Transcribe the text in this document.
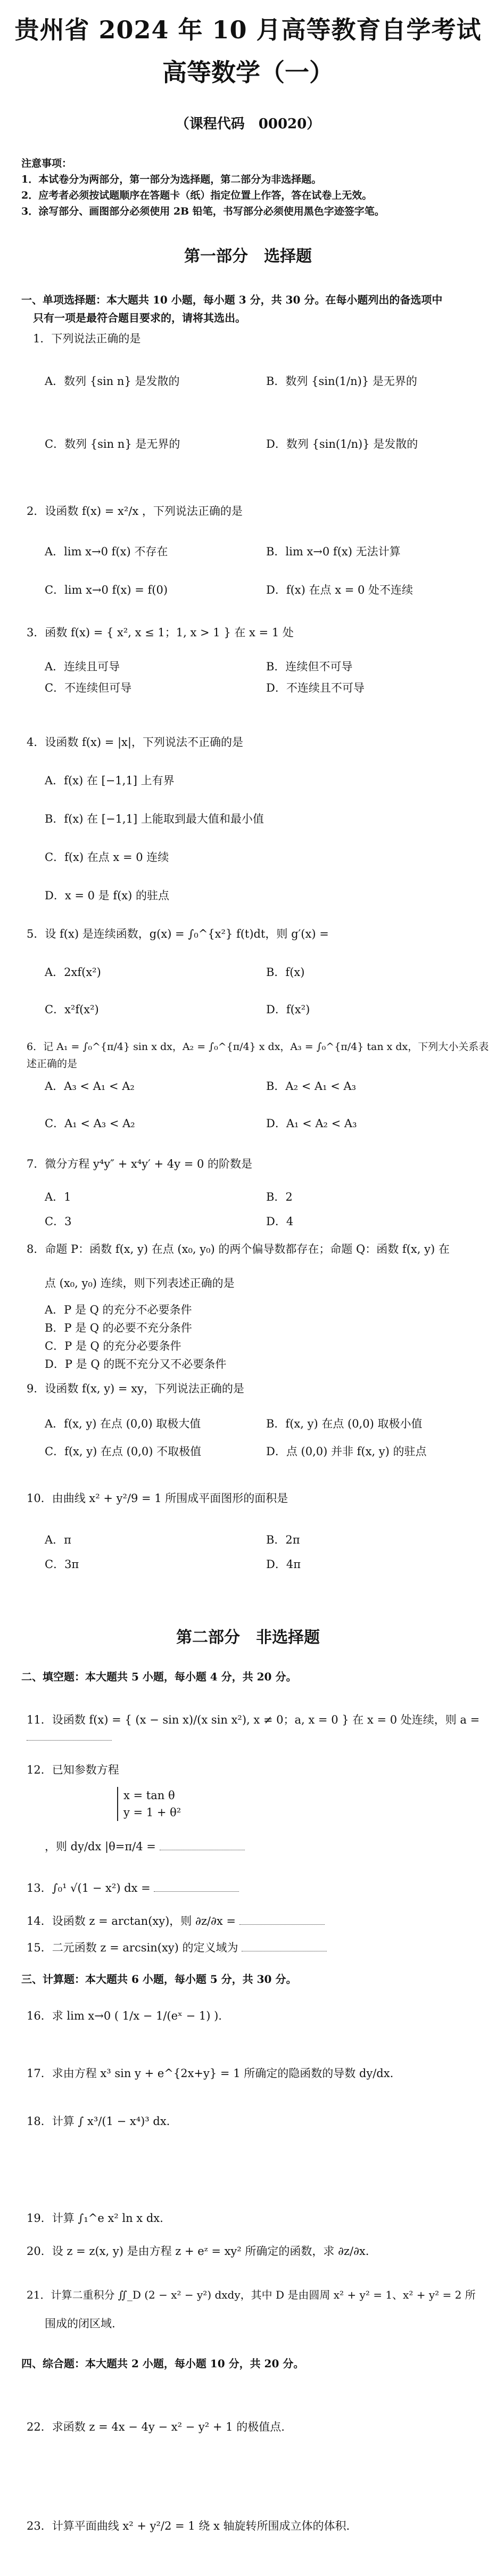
贵州省 2024 年 10 月高等教育自学考试
高等数学（一）
（课程代码　00020）
注意事项：
1．本试卷分为两部分，第一部分为选择题，第二部分为非选择题。
2．应考者必须按试题顺序在答题卡（纸）指定位置上作答，答在试卷上无效。
3．涂写部分、画图部分必须使用 2B 铅笔，书写部分必须使用黑色字迹签字笔。
第一部分　选择题
一、单项选择题：本大题共 10 小题，每小题 3 分，共 30 分。在每小题列出的备选项中
只有一项是最符合题目要求的，请将其选出。
1．下列说法正确的是
A．数列 {sin n} 是发散的	B．数列 {sin(1/n)} 是无界的
C．数列 {sin n} 是无界的	D．数列 {sin(1/n)} 是发散的
2．设函数 f(x) = x²/x ，下列说法正确的是
A．lim x→0 f(x) 不存在	B．lim x→0 f(x) 无法计算
C．lim x→0 f(x) = f(0)	D．f(x) 在点 x = 0 处不连续
3．函数 f(x) = { x², x ≤ 1；1, x > 1 } 在 x = 1 处
A．连续且可导	B．连续但不可导
C．不连续但可导	D．不连续且不可导
4．设函数 f(x) = |x|，下列说法不正确的是
A．f(x) 在 [−1,1] 上有界
B．f(x) 在 [−1,1] 上能取到最大值和最小值
C．f(x) 在点 x = 0 连续
D．x = 0 是 f(x) 的驻点
5．设 f(x) 是连续函数，g(x) = ∫₀^{x²} f(t)dt，则 g′(x) =
A．2xf(x²)	B．f(x)
C．x²f(x²)	D．f(x²)
6．记 A₁ = ∫₀^{π/4} sin x dx，A₂ = ∫₀^{π/4} x dx，A₃ = ∫₀^{π/4} tan x dx，下列大小关系表述正确的是
A．A₃ < A₁ < A₂	B．A₂ < A₁ < A₃
C．A₁ < A₃ < A₂	D．A₁ < A₂ < A₃
7．微分方程 y⁴y″ + x⁴y′ + 4y = 0 的阶数是
A．1	B．2
C．3	D．4
8．命题 P：函数 f(x, y) 在点 (x₀, y₀) 的两个偏导数都存在；命题 Q：函数 f(x, y) 在
点 (x₀, y₀) 连续，则下列表述正确的是
A．P 是 Q 的充分不必要条件
B．P 是 Q 的必要不充分条件
C．P 是 Q 的充分必要条件
D．P 是 Q 的既不充分又不必要条件
9．设函数 f(x, y) = xy，下列说法正确的是
A．f(x, y) 在点 (0,0) 取极大值	B．f(x, y) 在点 (0,0) 取极小值
C．f(x, y) 在点 (0,0) 不取极值	D．点 (0,0) 并非 f(x, y) 的驻点
10．由曲线 x² + y²/9 = 1 所围成平面图形的面积是
A．π	B．2π
C．3π	D．4π
第二部分　非选择题
二、填空题：本大题共 5 小题，每小题 4 分，共 20 分。
11．设函数 f(x) = { (x − sin x)/(x sin x²), x ≠ 0；a, x = 0 } 在 x = 0 处连续，则 a =
12．已知参数方程
x = tan θ
y = 1 + θ²
，则 dy/dx |θ=π/4 =
13．∫₀¹ √(1 − x²) dx =
14．设函数 z = arctan(xy)，则 ∂z/∂x =
15．二元函数 z = arcsin(xy) 的定义域为
三、计算题：本大题共 6 小题，每小题 5 分，共 30 分。
16．求 lim x→0 ( 1/x − 1/(eˣ − 1) ).
17．求由方程 x³ sin y + e^{2x+y} = 1 所确定的隐函数的导数 dy/dx.
18．计算 ∫ x³/(1 − x⁴)³ dx.
19．计算 ∫₁^e x² ln x dx.
20．设 z = z(x, y) 是由方程 z + eᶻ = xy² 所确定的函数，求 ∂z/∂x.
21．计算二重积分 ∬_D (2 − x² − y²) dxdy，其中 D 是由圆周 x² + y² = 1、x² + y² = 2 所
围成的闭区域.
四、综合题：本大题共 2 小题，每小题 10 分，共 20 分。
22．求函数 z = 4x − 4y − x² − y² + 1 的极值点.
23．计算平面曲线 x² + y²/2 = 1 绕 x 轴旋转所围成立体的体积.
